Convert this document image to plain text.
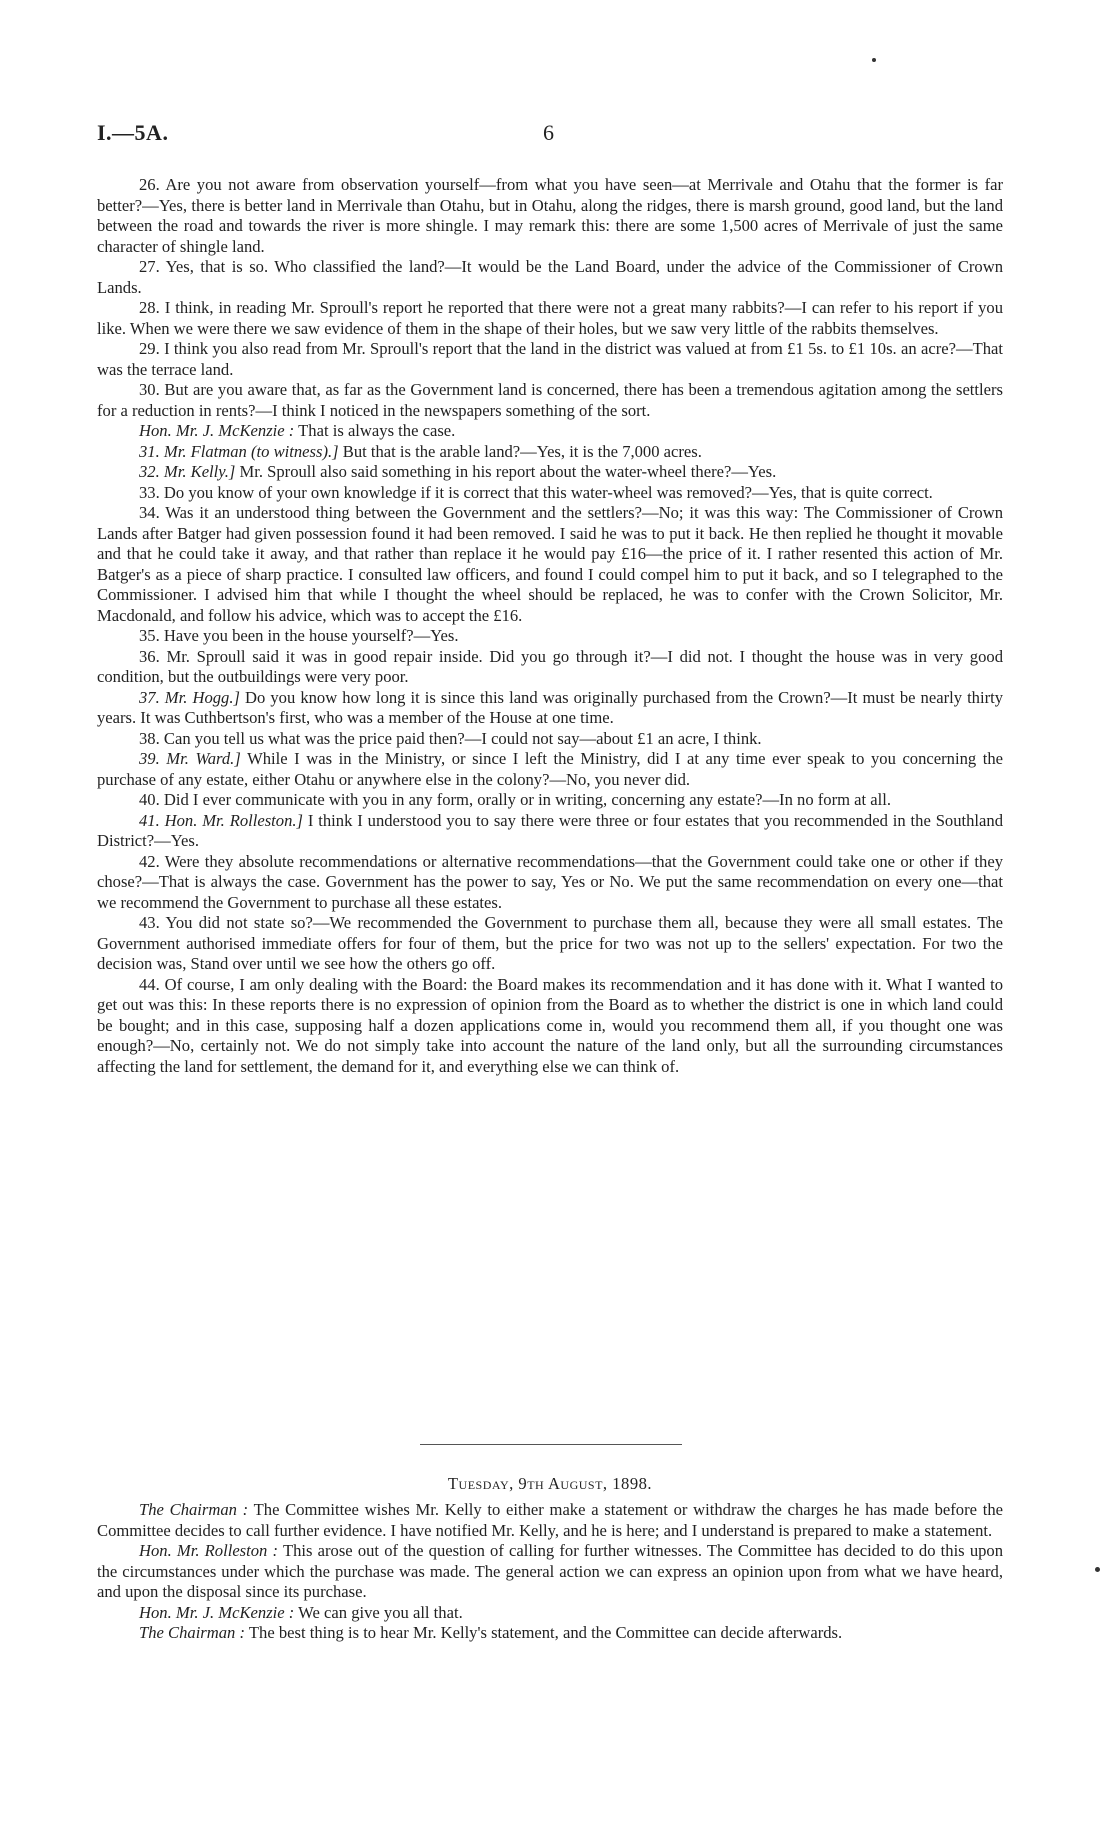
I.—5A.	6

26. Are you not aware from observation yourself—from what you have seen—at Merrivale and Otahu that the former is far better?—Yes, there is better land in Merrivale than Otahu, but in Otahu, along the ridges, there is marsh ground, good land, but the land between the road and towards the river is more shingle. I may remark this: there are some 1,500 acres of Merrivale of just the same character of shingle land.

27. Yes, that is so. Who classified the land?—It would be the Land Board, under the advice of the Commissioner of Crown Lands.

28. I think, in reading Mr. Sproull's report he reported that there were not a great many rabbits?—I can refer to his report if you like. When we were there we saw evidence of them in the shape of their holes, but we saw very little of the rabbits themselves.

29. I think you also read from Mr. Sproull's report that the land in the district was valued at from £1 5s. to £1 10s. an acre?—That was the terrace land.

30. But are you aware that, as far as the Government land is concerned, there has been a tremendous agitation among the settlers for a reduction in rents?—I think I noticed in the newspapers something of the sort.

Hon. Mr. J. McKenzie : That is always the case.

31. Mr. Flatman (to witness).] But that is the arable land?—Yes, it is the 7,000 acres.

32. Mr. Kelly.] Mr. Sproull also said something in his report about the water-wheel there?—Yes.

33. Do you know of your own knowledge if it is correct that this water-wheel was removed?—Yes, that is quite correct.

34. Was it an understood thing between the Government and the settlers?—No; it was this way: The Commissioner of Crown Lands after Batger had given possession found it had been removed. I said he was to put it back. He then replied he thought it movable and that he could take it away, and that rather than replace it he would pay £16—the price of it. I rather resented this action of Mr. Batger's as a piece of sharp practice. I consulted law officers, and found I could compel him to put it back, and so I telegraphed to the Commissioner. I advised him that while I thought the wheel should be replaced, he was to confer with the Crown Solicitor, Mr. Macdonald, and follow his advice, which was to accept the £16.

35. Have you been in the house yourself?—Yes.

36. Mr. Sproull said it was in good repair inside. Did you go through it?—I did not. I thought the house was in very good condition, but the outbuildings were very poor.

37. Mr. Hogg.] Do you know how long it is since this land was originally purchased from the Crown?—It must be nearly thirty years. It was Cuthbertson's first, who was a member of the House at one time.

38. Can you tell us what was the price paid then?—I could not say—about £1 an acre, I think.

39. Mr. Ward.] While I was in the Ministry, or since I left the Ministry, did I at any time ever speak to you concerning the purchase of any estate, either Otahu or anywhere else in the colony?—No, you never did.

40. Did I ever communicate with you in any form, orally or in writing, concerning any estate?—In no form at all.

41. Hon. Mr. Rolleston.] I think I understood you to say there were three or four estates that you recommended in the Southland District?—Yes.

42. Were they absolute recommendations or alternative recommendations—that the Government could take one or other if they chose?—That is always the case. Government has the power to say, Yes or No. We put the same recommendation on every one—that we recommend the Government to purchase all these estates.

43. You did not state so?—We recommended the Government to purchase them all, because they were all small estates. The Government authorised immediate offers for four of them, but the price for two was not up to the sellers' expectation. For two the decision was, Stand over until we see how the others go off.

44. Of course, I am only dealing with the Board: the Board makes its recommendation and it has done with it. What I wanted to get out was this: In these reports there is no expression of opinion from the Board as to whether the district is one in which land could be bought; and in this case, supposing half a dozen applications come in, would you recommend them all, if you thought one was enough?—No, certainly not. We do not simply take into account the nature of the land only, but all the surrounding circumstances affecting the land for settlement, the demand for it, and everything else we can think of.

Tuesday, 9th August, 1898.

The Chairman : The Committee wishes Mr. Kelly to either make a statement or withdraw the charges he has made before the Committee decides to call further evidence. I have notified Mr. Kelly, and he is here; and I understand is prepared to make a statement.

Hon. Mr. Rolleston : This arose out of the question of calling for further witnesses. The Committee has decided to do this upon the circumstances under which the purchase was made. The general action we can express an opinion upon from what we have heard, and upon the disposal since its purchase.

Hon. Mr. J. McKenzie : We can give you all that.

The Chairman : The best thing is to hear Mr. Kelly's statement, and the Committee can decide afterwards.
